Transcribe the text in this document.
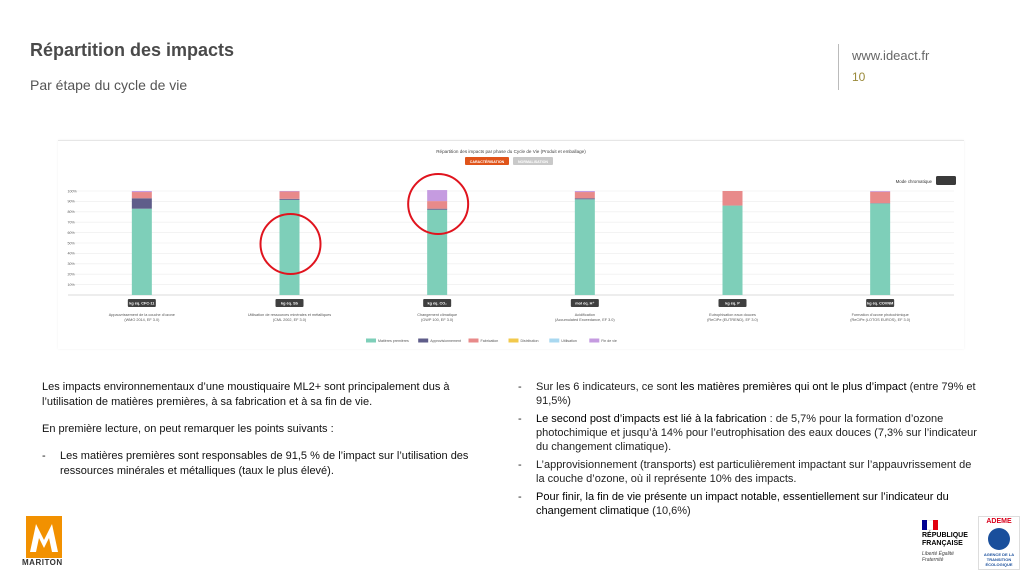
Répartition des impacts
Par étape du cycle de vie
www.ideact.fr
10
Répartition des impacts par phase du Cycle de Vie (Produit et emballage)
CARACTÉRISATION	NORMALISATION
Mode chromatique
10%
20%
30%
40%
50%
60%
70%
80%
90%
100%
kg éq. CFC-11
Appauvrissement de la couche d'ozone
(WMO 2014, EF 3.0)
kg éq. Sb
Utilisation de ressources minérales et métalliques
(CML 2002, EF 3.0)
kg éq. CO₂
Changement climatique
(GWP 100, EF 3.0)
mol éq. H⁺
Acidification
(Accumulated Exceedance, EF 3.0)
kg éq. P
Eutrophisation eaux douces
(ReCiPe (EUTREND), EF 3.0)
kg éq. COVNM
Formation d'ozone photochimique
(ReCiPe (LOTOS EUROS), EF 3.0)
Matières premières	Approvisionnement	Fabrication	Distribution	Utilisation	Fin de vie

Les impacts environnementaux d’une moustiquaire ML2+ sont principalement dus à l’utilisation de matières premières, à sa fabrication et à sa fin de vie.

En première lecture, on peut remarquer les points suivants :

-	Les matières premières sont responsables de 91,5 % de l’impact sur l’utilisation des ressources minérales et métalliques (taux le plus élevé).
-	Sur les 6 indicateurs, ce sont les matières premières qui ont le plus d’impact (entre 79% et 91,5%)
-	Le second post d’impacts est lié à la fabrication : de 5,7% pour la formation d’ozone photochimique et jusqu’à 14% pour l’eutrophisation des eaux douces (7,3% sur l’indicateur du changement climatique).
-	L’approvisionnement (transports) est particulièrement impactant sur l’appauvrissement de la couche d’ozone, où il représente 10% des impacts.
-	Pour finir, la fin de vie présente un impact notable, essentiellement sur l’indicateur du changement climatique (10,6%)
MARITON
RÉPUBLIQUE FRANÇAISE
Liberté Égalité Fraternité
ADEME
AGENCE DE LA TRANSITION ÉCOLOGIQUE
